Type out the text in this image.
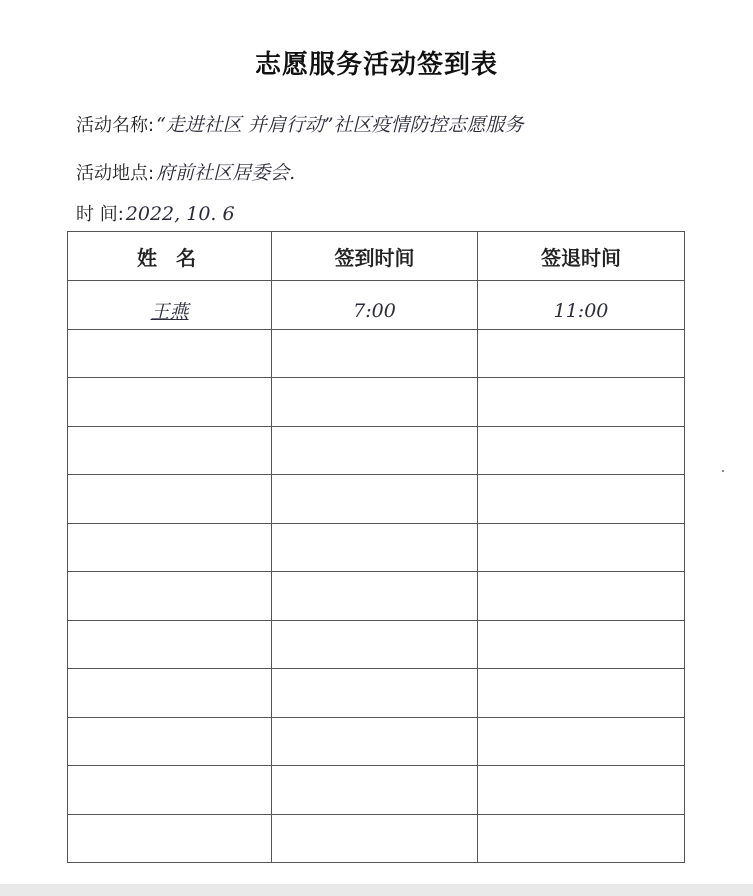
志愿服务活动签到表
活动名称: “走进社区 并肩行动”社区疫情防控志愿服务
活动地点: 府前社区居委会.
时 间: 2022, 10. 6
姓 名	签到时间	签退时间
王燕	7:00	11:00
